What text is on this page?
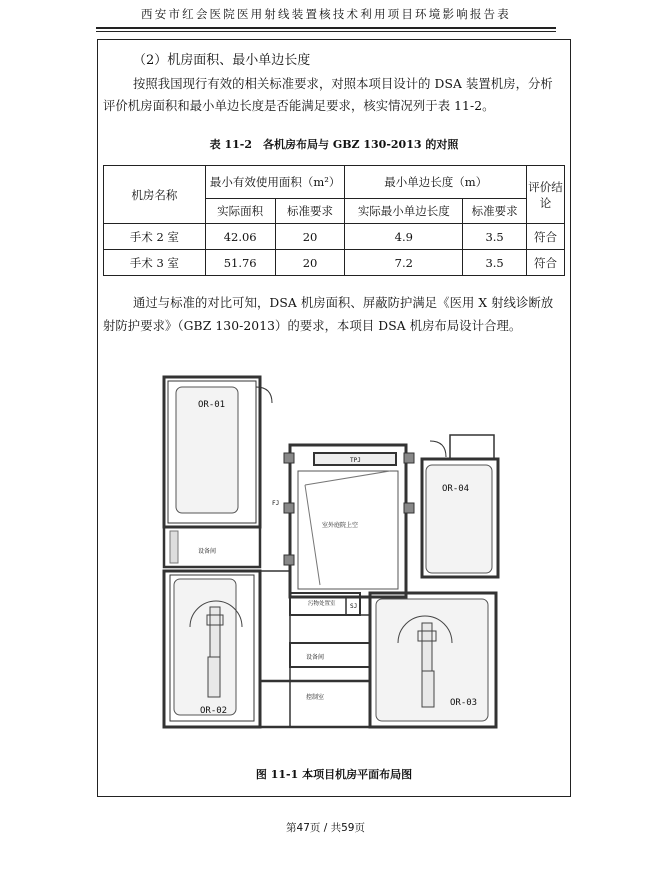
西安市红会医院医用射线装置核技术利用项目环境影响报告表
（2）机房面积、最小单边长度
按照我国现行有效的相关标准要求，对照本项目设计的 DSA 装置机房，分析
评价机房面积和最小单边长度是否能满足要求，核实情况列于表 11-2。
表 11-2　各机房布局与 GBZ 130-2013 的对照
机房名称	最小有效使用面积（m²）		最小单边长度（m）		评价结论
	实际面积	标准要求	实际最小单边长度	标准要求	
手术 2 室	42.06	20	4.9	3.5	符合
手术 3 室	51.76	20	7.2	3.5	符合
通过与标准的对比可知，DSA 机房面积、屏蔽防护满足《医用 X 射线诊断放
射防护要求》（GBZ 130-2013）的要求，本项目 DSA 机房布局设计合理。
OR-01
设备间
OR-02
OR-04
OR-03
设备间
控制室
室外庭院上空
污物处置室 SJ
TPJ
FJ
图 11-1 本项目机房平面布局图
第47页 / 共59页
